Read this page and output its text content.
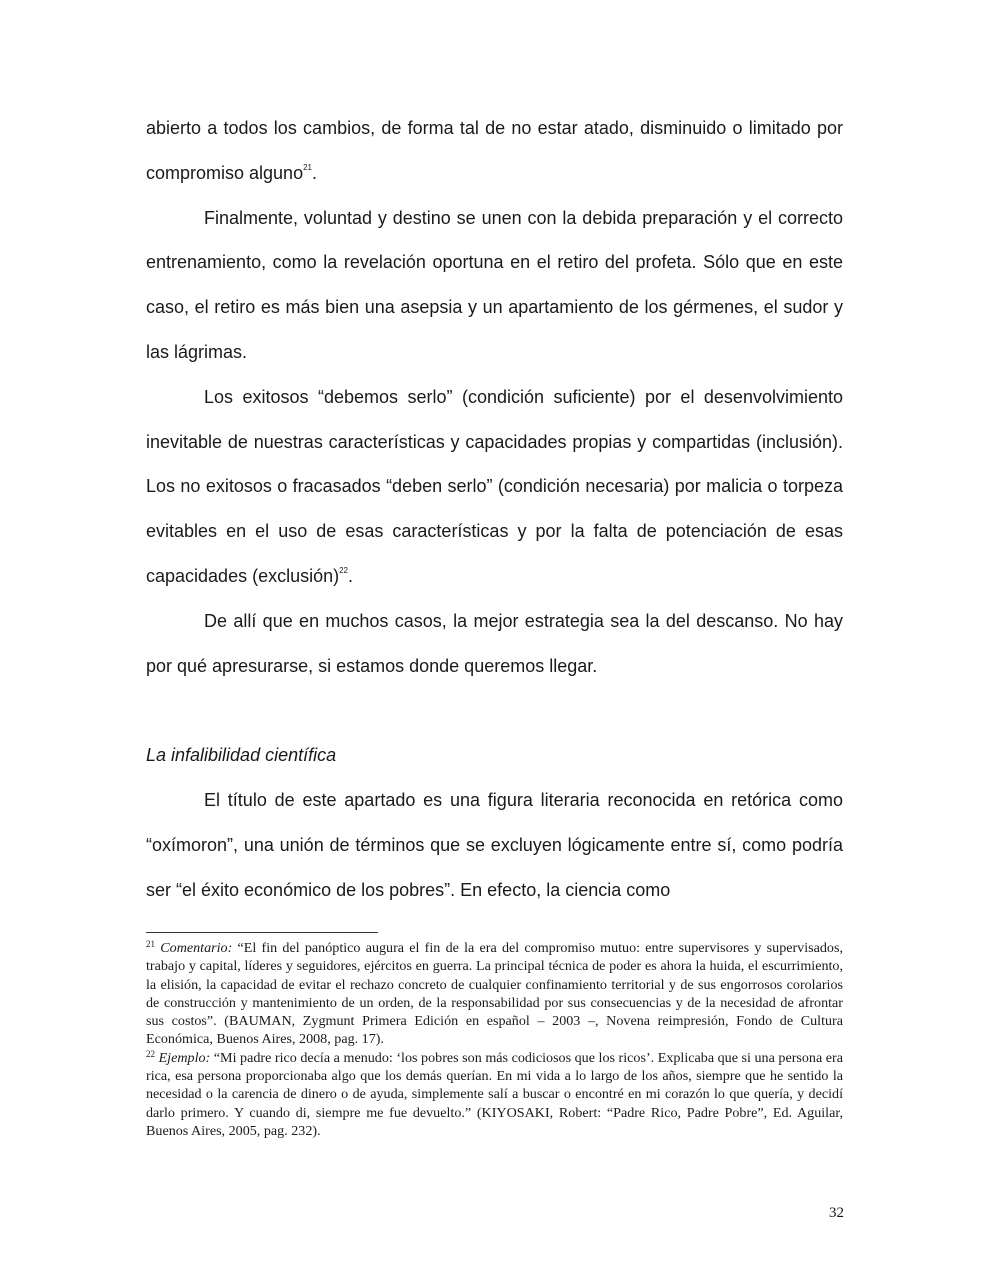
abierto a todos los cambios, de forma tal de no estar atado, disminuido o limitado por compromiso alguno$^{21}$.

Finalmente, voluntad y destino se unen con la debida preparación y el correcto entrenamiento, como la revelación oportuna en el retiro del profeta. Sólo que en este caso, el retiro es más bien una asepsia y un apartamiento de los gérmenes, el sudor y las lágrimas.

Los exitosos “debemos serlo” (condición suficiente) por el desenvolvimiento inevitable de nuestras características y capacidades propias y compartidas (inclusión). Los no exitosos o fracasados “deben serlo” (condición necesaria) por malicia o torpeza evitables en el uso de esas características y por la falta de potenciación de esas capacidades (exclusión)$^{22}$.

De allí que en muchos casos, la mejor estrategia sea la del descanso. No hay por qué apresurarse, si estamos donde queremos llegar.

La infalibilidad científica

El título de este apartado es una figura literaria reconocida en retórica como “oxímoron”, una unión de términos que se excluyen lógicamente entre sí, como podría ser “el éxito económico de los pobres”. En efecto, la ciencia como

$^{21}$ Comentario: “El fin del panóptico augura el fin de la era del compromiso mutuo: entre supervisores y supervisados, trabajo y capital, líderes y seguidores, ejércitos en guerra. La principal técnica de poder es ahora la huida, el escurrimiento, la elisión, la capacidad de evitar el rechazo concreto de cualquier confinamiento territorial y de sus engorrosos corolarios de construcción y mantenimiento de un orden, de la responsabilidad por sus consecuencias y de la necesidad de afrontar sus costos”. (BAUMAN, Zygmunt Primera Edición en español – 2003 –, Novena reimpresión, Fondo de Cultura Económica, Buenos Aires, 2008, pag. 17).

$^{22}$ Ejemplo: “Mi padre rico decía a menudo: ‘los pobres son más codiciosos que los ricos’. Explicaba que si una persona era rica, esa persona proporcionaba algo que los demás querían. En mi vida a lo largo de los años, siempre que he sentido la necesidad o la carencia de dinero o de ayuda, simplemente salí a buscar o encontré en mi corazón lo que quería, y decidí darlo primero. Y cuando di, siempre me fue devuelto.” (KIYOSAKI, Robert: “Padre Rico, Padre Pobre”, Ed. Aguilar, Buenos Aires, 2005, pag. 232).

32
